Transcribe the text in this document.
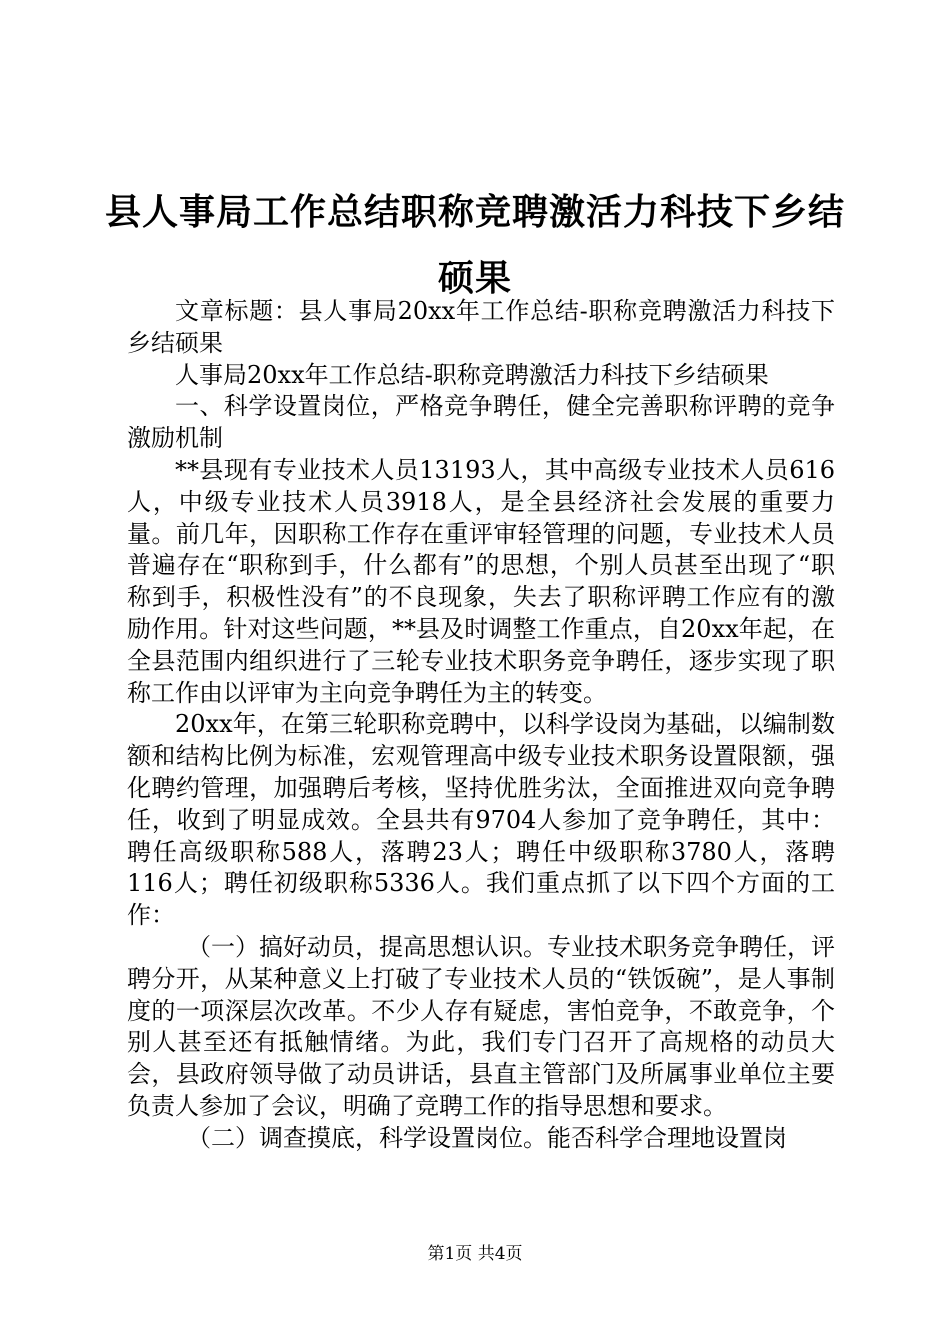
县人事局工作总结职称竞聘激活力科技下乡结硕果

文章标题：县人事局20xx年工作总结-职称竞聘激活力科技下乡结硕果

人事局20xx年工作总结-职称竞聘激活力科技下乡结硕果

一、科学设置岗位，严格竞争聘任，健全完善职称评聘的竞争激励机制

**县现有专业技术人员13193人，其中高级专业技术人员616人，中级专业技术人员3918人，是全县经济社会发展的重要力量。前几年，因职称工作存在重评审轻管理的问题，专业技术人员普遍存在“职称到手，什么都有”的思想，个别人员甚至出现了“职称到手，积极性没有”的不良现象，失去了职称评聘工作应有的激励作用。针对这些问题，**县及时调整工作重点，自20xx年起，在全县范围内组织进行了三轮专业技术职务竞争聘任，逐步实现了职称工作由以评审为主向竞争聘任为主的转变。

20xx年，在第三轮职称竞聘中，以科学设岗为基础，以编制数额和结构比例为标准，宏观管理高中级专业技术职务设置限额，强化聘约管理，加强聘后考核，坚持优胜劣汰，全面推进双向竞争聘任，收到了明显成效。全县共有9704人参加了竞争聘任，其中：聘任高级职称588人，落聘23人；聘任中级职称3780人，落聘116人；聘任初级职称5336人。我们重点抓了以下四个方面的工作：

（一）搞好动员，提高思想认识。专业技术职务竞争聘任，评聘分开，从某种意义上打破了专业技术人员的“铁饭碗”，是人事制度的一项深层次改革。不少人存有疑虑，害怕竞争，不敢竞争，个别人甚至还有抵触情绪。为此，我们专门召开了高规格的动员大会，县政府领导做了动员讲话，县直主管部门及所属事业单位主要负责人参加了会议，明确了竞聘工作的指导思想和要求。

（二）调查摸底，科学设置岗位。能否科学合理地设置岗

第1页 共4页
